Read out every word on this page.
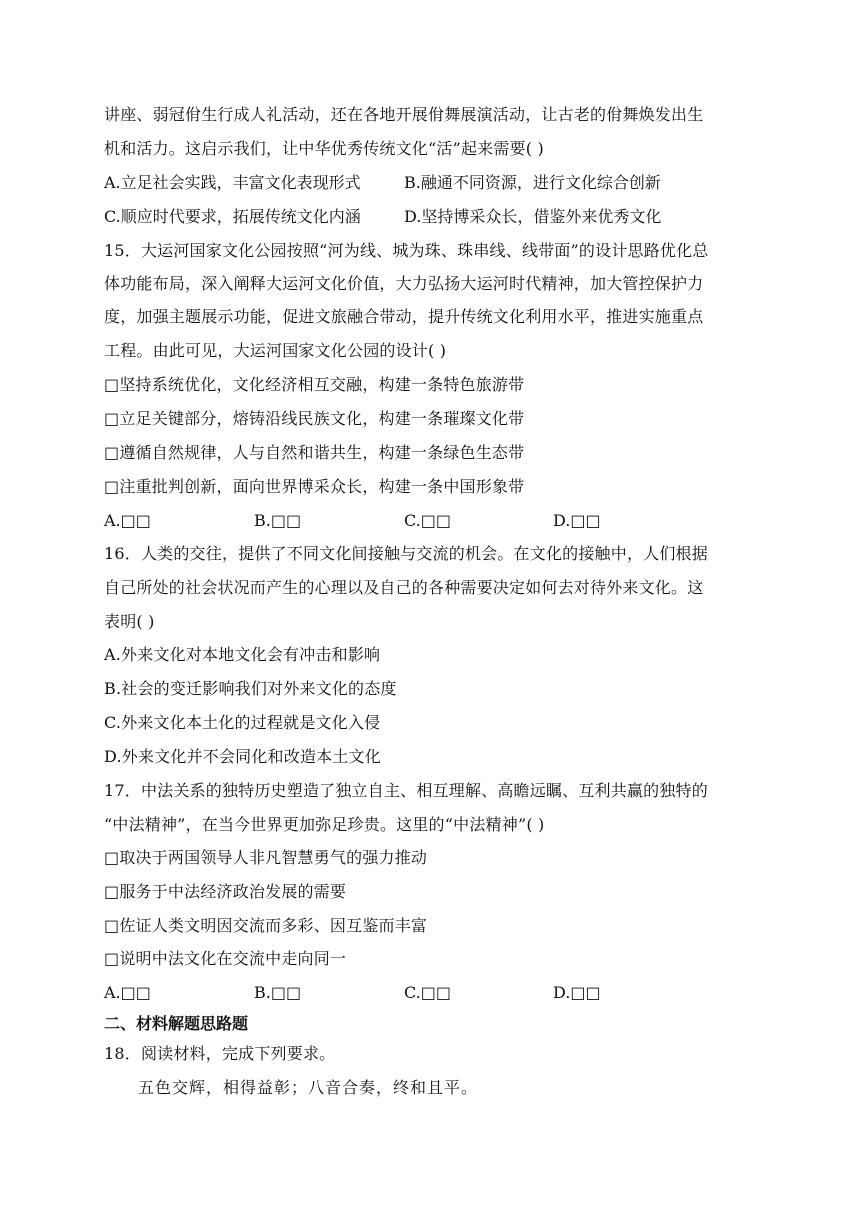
讲座、弱冠佾生行成人礼活动，还在各地开展佾舞展演活动，让古老的佾舞焕发出生
机和活力。这启示我们，让中华优秀传统文化“活”起来需要( )
A.立足社会实践，丰富文化表现形式	B.融通不同资源，进行文化综合创新
C.顺应时代要求，拓展传统文化内涵	D.坚持博采众长，借鉴外来优秀文化
15．大运河国家文化公园按照“河为线、城为珠、珠串线、线带面”的设计思路优化总
体功能布局，深入阐释大运河文化价值，大力弘扬大运河时代精神，加大管控保护力
度，加强主题展示功能，促进文旅融合带动，提升传统文化利用水平，推进实施重点
工程。由此可见，大运河国家文化公园的设计( )
□坚持系统优化，文化经济相互交融，构建一条特色旅游带
□立足关键部分，熔铸沿线民族文化，构建一条璀璨文化带
□遵循自然规律，人与自然和谐共生，构建一条绿色生态带
□注重批判创新，面向世界博采众长，构建一条中国形象带
A.□□	B.□□	C.□□	D.□□
16．人类的交往，提供了不同文化间接触与交流的机会。在文化的接触中，人们根据
自己所处的社会状况而产生的心理以及自己的各种需要决定如何去对待外来文化。这
表明( )
A.外来文化对本地文化会有冲击和影响
B.社会的变迁影响我们对外来文化的态度
C.外来文化本土化的过程就是文化入侵
D.外来文化并不会同化和改造本土文化
17．中法关系的独特历史塑造了独立自主、相互理解、高瞻远瞩、互利共赢的独特的
“中法精神”，在当今世界更加弥足珍贵。这里的“中法精神”( )
□取决于两国领导人非凡智慧勇气的强力推动
□服务于中法经济政治发展的需要
□佐证人类文明因交流而多彩、因互鉴而丰富
□说明中法文化在交流中走向同一
A.□□	B.□□	C.□□	D.□□
二、材料解题思路题
18．阅读材料，完成下列要求。
五色交辉，相得益彰；八音合奏，终和且平。
